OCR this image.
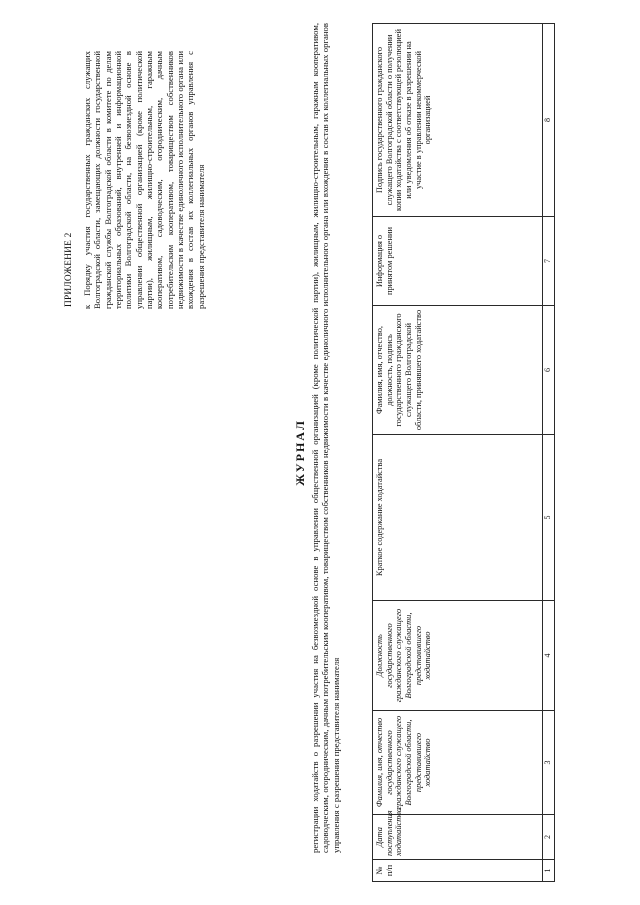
ПРИЛОЖЕНИЕ 2 к Порядку участия государственных гражданских служащих Волгоградской области, замещающих должности государственной гражданской службы Волгоградской области в комитете по делам территориальных образований, внутренней и информационной политики Волгоградской области, на безвозмездной основе в управлении общественной организацией (кроме политической партии), жилищным, жилищно-строительным, гаражным кооперативом, садоводческим, огородническим, дачным потребительским кооперативом, товариществом собственников недвижимости в качестве единоличного исполнительного органа или вхождения в состав их коллегиальных органов управления с разрешения представителя нанимателя
ЖУРНАЛ регистрации ходатайств о разрешении участия на безвозмездной основе в управлении общественной организацией (кроме политической партии), жилищным, жилищно-строительным, гаражным кооперативом, садоводческим, огородническим, дачным потребительским кооперативом, товариществом собственников недвижимости в качестве единоличного исполнительного органа или вхождения в состав их коллегиальных органов управления с разрешения представителя нанимателя
№ п/п	Дата поступления ходатайства	Фамилия, имя, отчество государственного гражданского служащего Волгоградской области, представившего ходатайство	Должность государственного гражданского служащего Волгоградской области, представившего ходатайство	Краткое содержание ходатайства	Фамилия, имя, отчество, должность, подпись государственного гражданского служащего Волгоградской области, принявшего ходатайство	Информация о принятом решении	Подпись государственного гражданского служащего Волгоградской области о получении копии ходатайства с соответствующей резолюцией или уведомления об отказе в разрешении на участие в управлении некоммерческой организацией
1	2	3	4	5	6	7	8
